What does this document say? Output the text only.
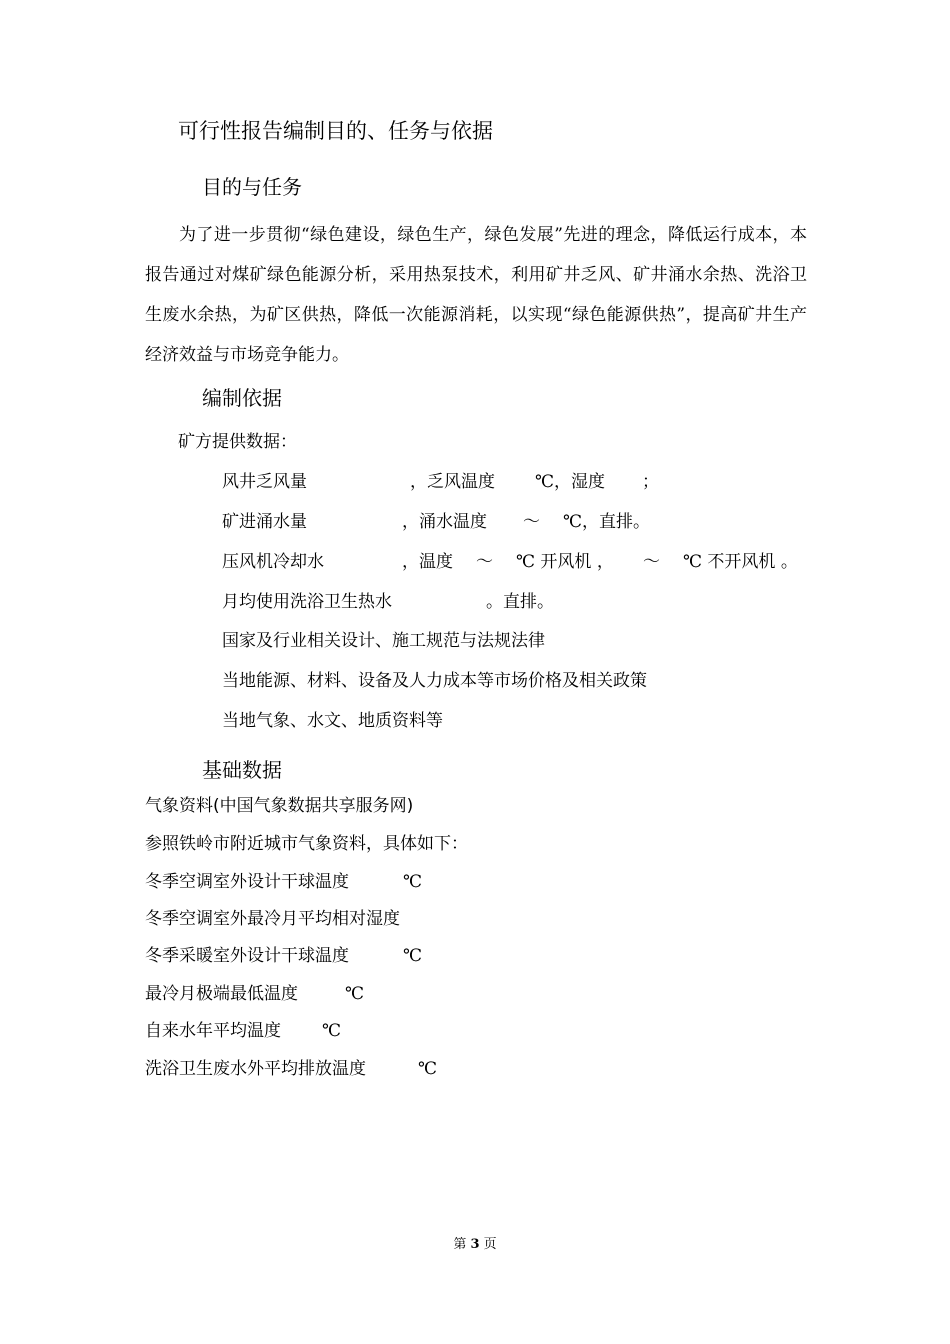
可行性报告编制目的、任务与依据
目的与任务
为了进一步贯彻“绿色建设，绿色生产，绿色发展”先进的理念，降低运行成本，本报告通过对煤矿绿色能源分析，采用热泵技术，利用矿井乏风、矿井涌水余热、洗浴卫生废水余热，为矿区供热，降低一次能源消耗，以实现“绿色能源供热”，提高矿井生产经济效益与市场竞争能力。
编制依据
矿方提供数据：
风井乏风量	，乏风温度 ℃，湿度 ；
矿进涌水量	，涌水温度 ～ ℃，直排。
压风机冷却水	，温度 ～ ℃ 开风机 ， ～ ℃ 不开风机 。
月均使用洗浴卫生热水	。直排。
国家及行业相关设计、施工规范与法规法律
当地能源、材料、设备及人力成本等市场价格及相关政策
当地气象、水文、地质资料等
基础数据
气象资料(中国气象数据共享服务网)
参照铁岭市附近城市气象资料，具体如下：
冬季空调室外设计干球温度	℃
冬季空调室外最冷月平均相对湿度
冬季采暖室外设计干球温度	℃
最冷月极端最低温度	℃
自来水年平均温度 ℃
洗浴卫生废水外平均排放温度	℃
第 3 页
